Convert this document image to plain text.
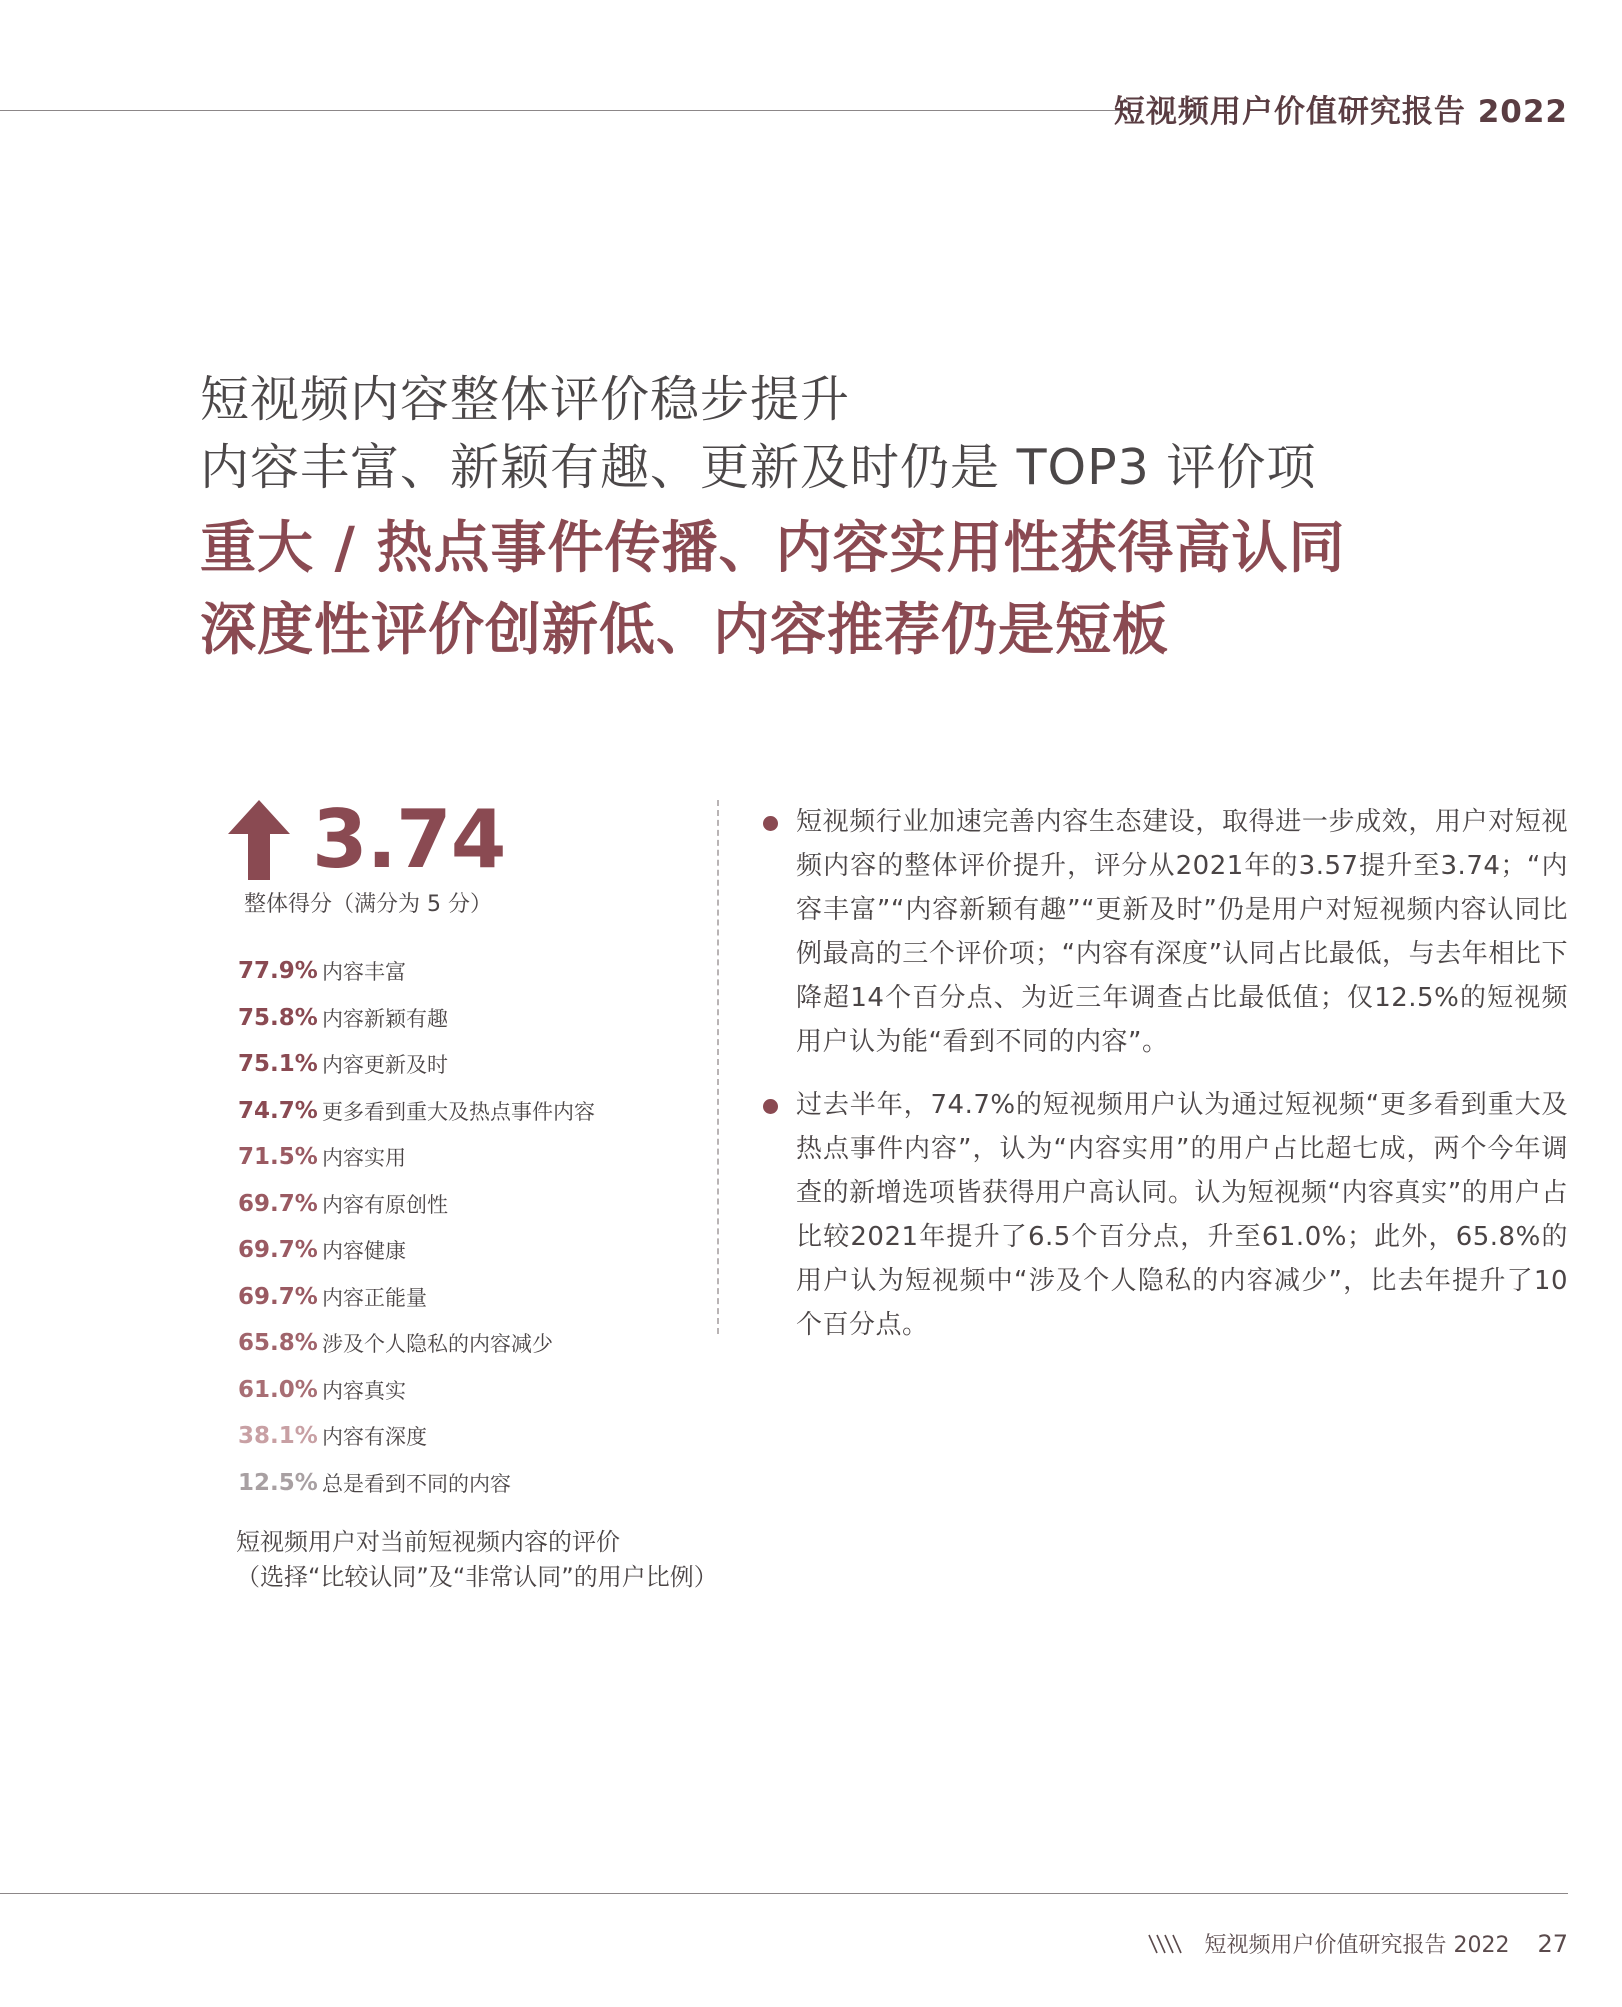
短视频用户价值研究报告 2022
短视频内容整体评价稳步提升
内容丰富、新颖有趣、更新及时仍是 TOP3 评价项
重大 / 热点事件传播、内容实用性获得高认同
深度性评价创新低、内容推荐仍是短板
3.74
整体得分（满分为 5 分）
77.9% 内容丰富
75.8% 内容新颖有趣
75.1% 内容更新及时
74.7% 更多看到重大及热点事件内容
71.5% 内容实用
69.7% 内容有原创性
69.7% 内容健康
69.7% 内容正能量
65.8% 涉及个人隐私的内容减少
61.0% 内容真实
38.1% 内容有深度
12.5% 总是看到不同的内容
短视频用户对当前短视频内容的评价
（选择“比较认同”及“非常认同”的用户比例）
短视频行业加速完善内容生态建设，取得进一步成效，用户对短视频内容的整体评价提升，评分从2021年的3.57提升至3.74；“内容丰富”“内容新颖有趣”“更新及时”仍是用户对短视频内容认同比例最高的三个评价项；“内容有深度”认同占比最低，与去年相比下降超14个百分点、为近三年调查占比最低值；仅12.5%的短视频用户认为能“看到不同的内容”。
过去半年，74.7%的短视频用户认为通过短视频“更多看到重大及热点事件内容”，认为“内容实用”的用户占比超七成，两个今年调查的新增选项皆获得用户高认同。认为短视频“内容真实”的用户占比较2021年提升了6.5个百分点，升至61.0%；此外，65.8%的用户认为短视频中“涉及个人隐私的内容减少”，比去年提升了10个百分点。
短视频用户价值研究报告 2022 27
